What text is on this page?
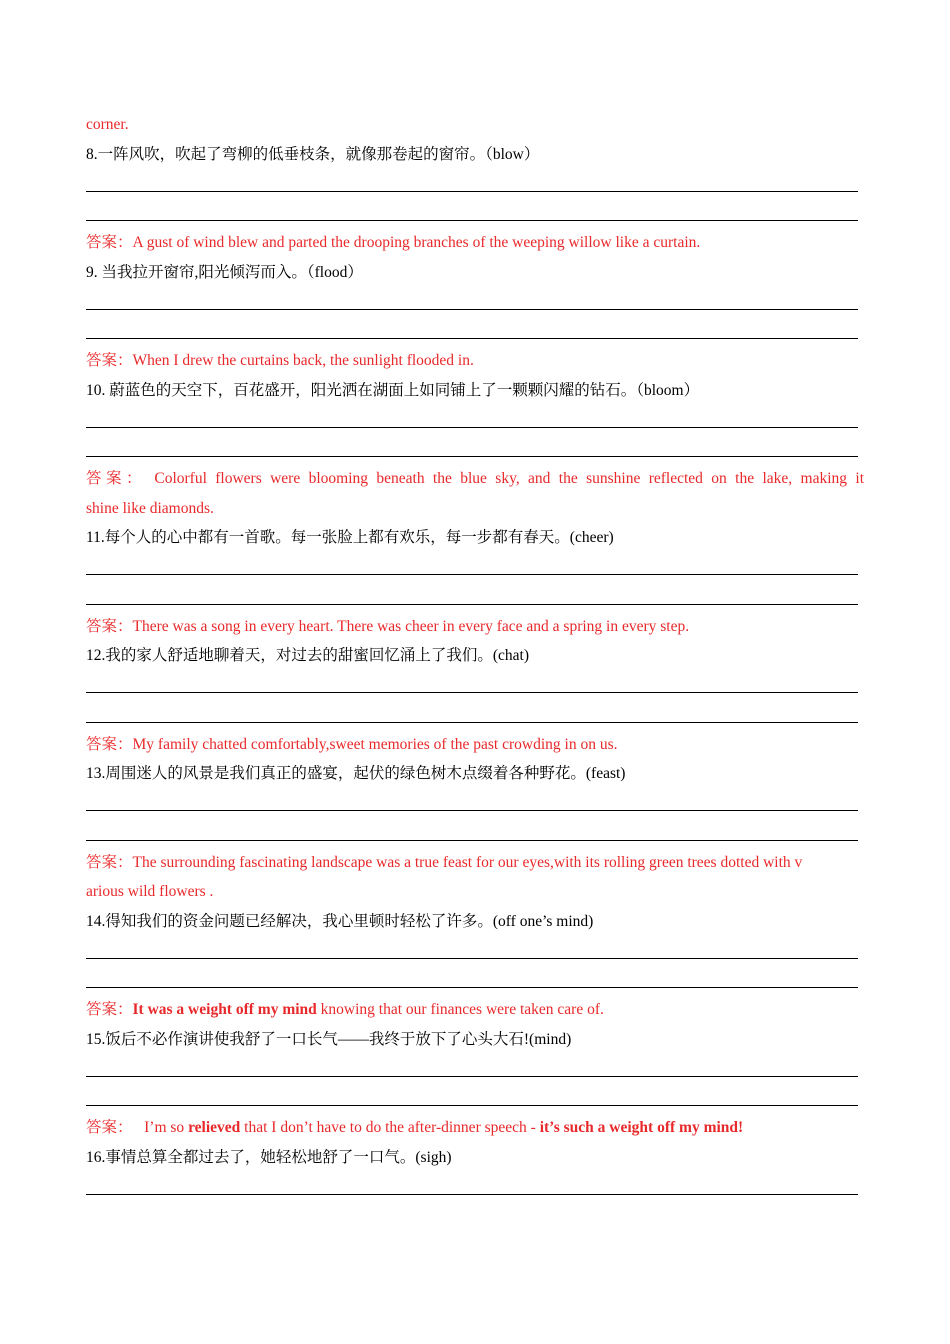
corner.
8.一阵风吹，吹起了弯柳的低垂枝条，就像那卷起的窗帘。（blow）
答案：A gust of wind blew and parted the drooping branches of the weeping willow like a curtain.
9. 当我拉开窗帘,阳光倾泻而入。（flood）
答案：When I drew the curtains back, the sunlight flooded in.
10. 蔚蓝色的天空下，百花盛开，阳光洒在湖面上如同铺上了一颗颗闪耀的钻石。（bloom）
答案： Colorful flowers were blooming beneath the blue sky, and the sunshine reflected on the lake, making it
shine like diamonds.
11.每个人的心中都有一首歌。每一张脸上都有欢乐，每一步都有春天。(cheer)
答案：There was a song in every heart. There was cheer in every face and a spring in every step.
12.我的家人舒适地聊着天，对过去的甜蜜回忆涌上了我们。(chat)
答案：My family chatted comfortably,sweet memories of the past crowding in on us.
13.周围迷人的风景是我们真正的盛宴，起伏的绿色树木点缀着各种野花。(feast)
答案：The surrounding fascinating landscape was a true feast for our eyes,with its rolling green trees dotted with v
arious wild flowers .
14.得知我们的资金问题已经解决，我心里顿时轻松了许多。(off one’s mind)
答案：It was a weight off my mind knowing that our finances were taken care of.
15.饭后不必作演讲使我舒了一口长气——我终于放下了心头大石!(mind)
答案： I’m so relieved that I don’t have to do the after-dinner speech - it’s such a weight off my mind!
16.事情总算全都过去了，她轻松地舒了一口气。(sigh)
